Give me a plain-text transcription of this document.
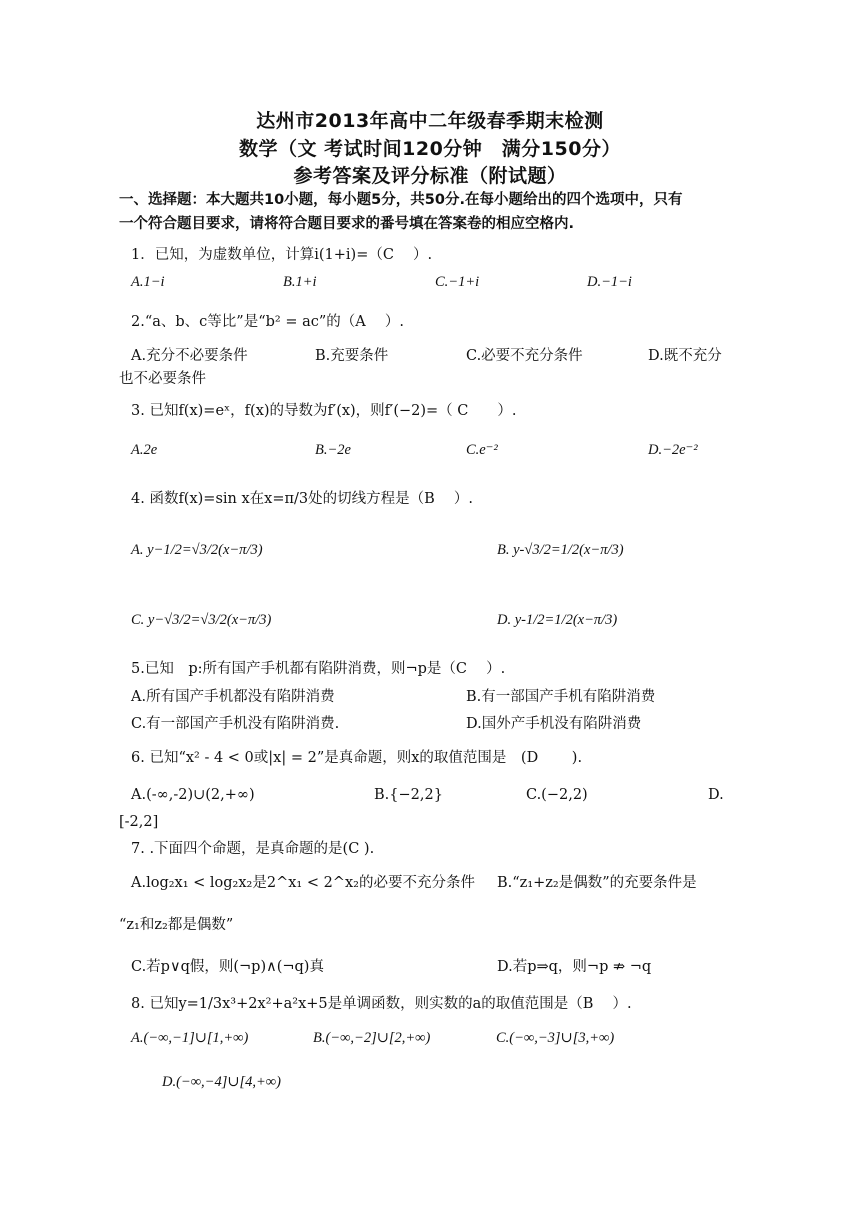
达州市2013年高中二年级春季期末检测
数学（文 考试时间120分钟　满分150分）
参考答案及评分标准（附试题）
一、选择题：本大题共10小题，每小题5分，共50分.在每小题给出的四个选项中，只有
一个符合题目要求，请将符合题目要求的番号填在答案卷的相应空格内.
1．已知，为虚数单位，计算i(1+i)=（C　 ）.
A.1−i	B.1+i	C.−1+i	D.−1−i
2.“a、b、c等比”是“b² = ac”的（A　 ）.
A.充分不必要条件	B.充要条件	C.必要不充分条件	D.既不充分
也不必要条件
3. 已知f(x)=eˣ，f(x)的导数为f′(x)，则f′(−2)=（ C　　）.
A.2e	B.−2e	C.e⁻²	D.−2e⁻²
4. 函数f(x)=sin x在x=π/3处的切线方程是（B　 ）.
A. y−1/2=√3/2(x−π/3)	B. y-√3/2=1/2(x−π/3)
C. y−√3/2=√3/2(x−π/3)	D. y-1/2=1/2(x−π/3)
5.已知　p:所有国产手机都有陷阱消费，则¬p是（C　 ）.
A.所有国产手机都没有陷阱消费	B.有一部国产手机有陷阱消费
C.有一部国产手机没有陷阱消费.	D.国外产手机没有陷阱消费
6. 已知“x² - 4 < 0或|x| = 2”是真命题，则x的取值范围是　(D　　 ).
A.(-∞,-2)∪(2,+∞)	B.{−2,2}	C.(−2,2)	D.
[-2,2]
7. .下面四个命题，是真命题的是(C ).
A.log₂x₁ < log₂x₂是2^x₁ < 2^x₂的必要不充分条件 B.“z₁+z₂是偶数”的充要条件是
“z₁和z₂都是偶数”
C.若p∨q假，则(¬p)∧(¬q)真	D.若p⇒q，则¬p ⇏ ¬q
8. 已知y=1/3x³+2x²+a²x+5是单调函数，则实数的a的取值范围是（B　 ）.
A.(−∞,−1]∪[1,+∞)	B.(−∞,−2]∪[2,+∞)	C.(−∞,−3]∪[3,+∞)
D.(−∞,−4]∪[4,+∞)
